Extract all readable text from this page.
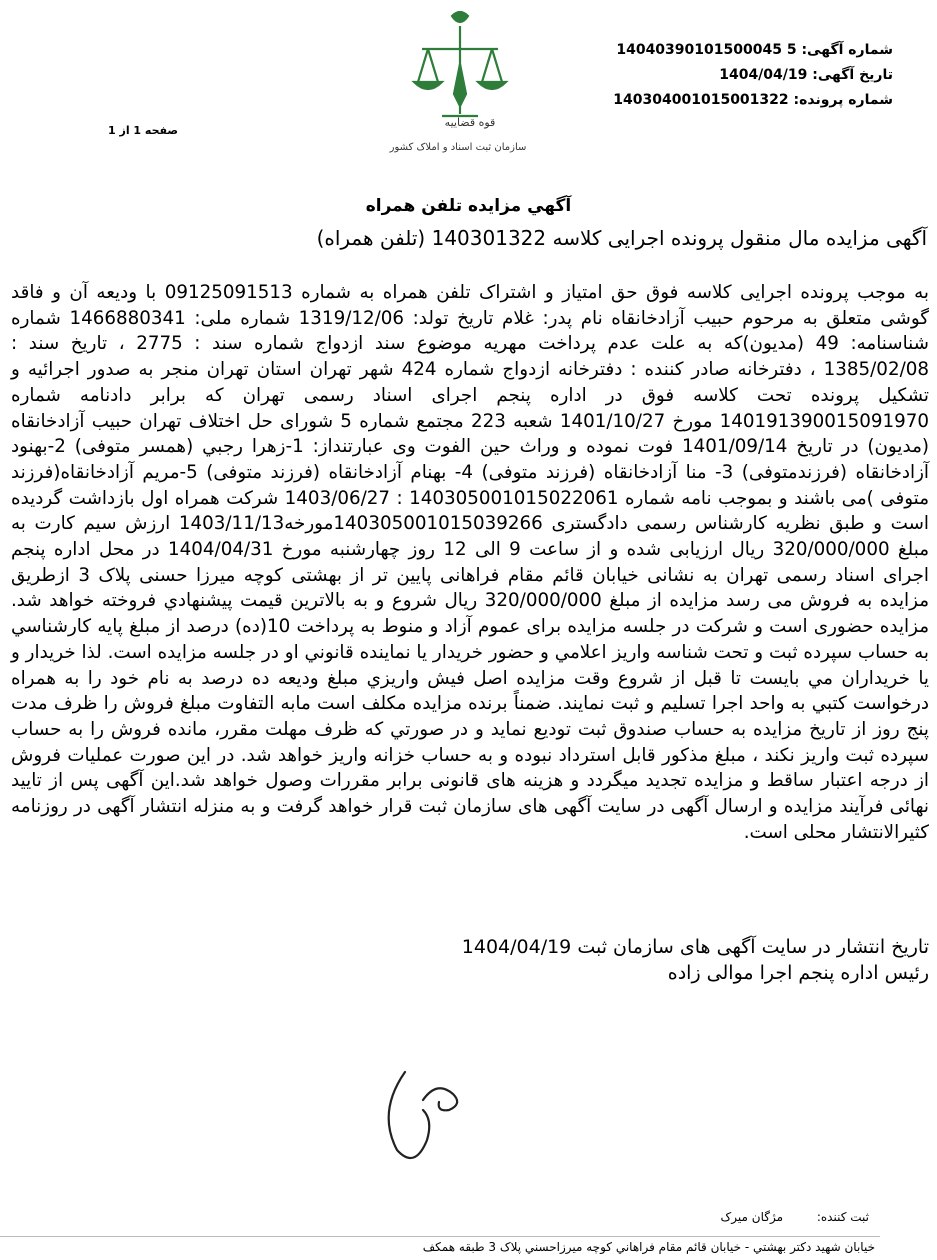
قوه قضاییه
سازمان ثبت اسناد و املاک کشور
شماره آگهی: 14040390101500045 5
تاریخ آگهی: 1404/04/19
شماره پرونده: 140304001015001322
صفحه 1 از 1
آگهي مزايده تلفن همراه
آگهی مزایده مال منقول پرونده اجرایی کلاسه 140301322 (تلفن همراه)

به موجب پرونده اجرایی کلاسه فوق حق امتیاز و اشتراک تلفن همراه به شماره 09125091513 با ودیعه آن و فاقد گوشی متعلق به مرحوم حبیب آزادخانقاه نام پدر: غلام تاریخ تولد: 1319/12/06 شماره ملی: 1466880341 شماره شناسنامه: 49 (مدیون)که به علت عدم پرداخت مهریه موضوع سند ازدواج شماره سند : 2775 ، تاریخ سند : 1385/02/08 ، دفترخانه صادر کننده : دفترخانه ازدواج شماره 424 شهر تهران استان تهران منجر به صدور اجرائیه و تشکیل پرونده تحت کلاسه فوق در اداره پنجم اجرای اسناد رسمی تهران که برابر دادنامه شماره 140191390015091970 مورخ 1401/10/27 شعبه 223 مجتمع شماره 5 شورای حل اختلاف تهران حبیب آزادخانقاه (مدیون) در تاریخ 1401/09/14 فوت نموده و وراث حین الفوت وی عبارتنداز: 1-زهرا رجبي (همسر متوفی) 2-بهنود آزادخانقاه (فرزندمتوفی) 3- منا آزادخانقاه (فرزند متوفی) 4- بهنام آزادخانقاه (فرزند متوفی) 5-مریم آزادخانقاه(فرزند متوفی )می باشند و بموجب نامه شماره 140305001015022061 : 1403/06/27 شرکت همراه اول بازداشت گردیده است و طبق نظریه کارشناس رسمی دادگستری 140305001015039266مورخه1403/11/13 ارزش سیم کارت به مبلغ 320/000/000 ریال ارزیابی شده و از ساعت 9 الی 12 روز چهارشنبه مورخ 1404/04/31 در محل اداره پنجم اجرای اسناد رسمی تهران به نشانی خیابان قائم مقام فراهانی پایین تر از بهشتی کوچه میرزا حسنی پلاک 3 ازطریق مزایده به فروش می رسد مزایده از مبلغ 320/000/000 ریال شروع و به بالاترین قیمت پیشنهادي فروخته خواهد شد. مزایده حضوری است و شرکت در جلسه مزایده برای عموم آزاد و منوط به پرداخت 10(ده) درصد از مبلغ پایه کارشناسي به حساب سپرده ثبت و تحت شناسه واریز اعلامي و حضور خریدار یا نماینده قانوني او در جلسه مزایده است. لذا خریدار و یا خریداران مي بایست تا قبل از شروع وقت مزایده اصل فیش واریزي مبلغ ودیعه ده درصد به نام خود را به همراه درخواست کتبي به واحد اجرا تسلیم و ثبت نمایند. ضمناً برنده مزایده مکلف است مابه التفاوت مبلغ فروش را ظرف مدت پنج روز از تاریخ مزایده به حساب صندوق ثبت تودیع نماید و در صورتي که ظرف مهلت مقرر، مانده فروش را به حساب سپرده ثبت واریز نکند ، مبلغ مذکور قابل استرداد نبوده و به حساب خزانه واریز خواهد شد. در این صورت عملیات فروش از درجه اعتبار ساقط و مزایده تجدید میگردد و هزینه های قانونی برابر مقررات وصول خواهد شد.این آگهی پس از تایید نهائی فرآیند مزایده و ارسال آگهی در سایت آگهی های سازمان ثبت قرار خواهد گرفت و به منزله انتشار آگهی در روزنامه کثیرالانتشار محلی است.

تاریخ انتشار در سایت آگهی های سازمان ثبت 1404/04/19

رئیس اداره پنجم اجرا موالی زاده

ثبت کننده: مژگان میرک
خیابان شهید دکتر بهشتي - خیابان قائم مقام فراهاني کوچه میرزاحسني پلاک 3 طبقه همکف
